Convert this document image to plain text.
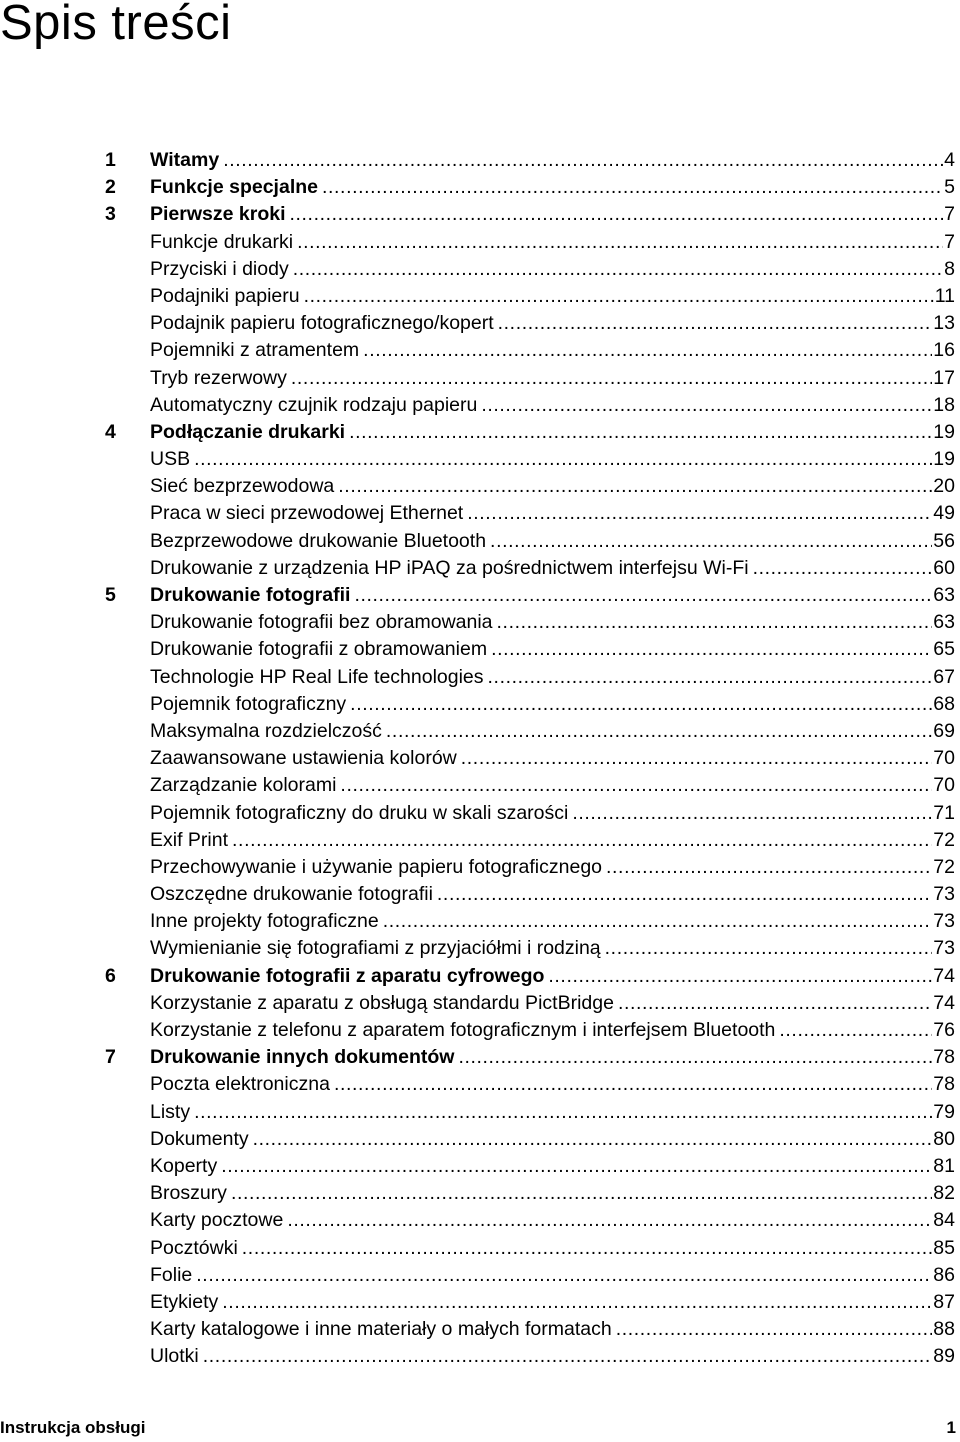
Spis treści
1	Witamy .....	4
2	Funkcje specjalne .....	5
3	Pierwsze kroki .....	7
Funkcje drukarki .....	7
Przyciski i diody .....	8
Podajniki papieru .....	11
Podajnik papieru fotograficznego/kopert .....	13
Pojemniki z atramentem .....	16
Tryb rezerwowy .....	17
Automatyczny czujnik rodzaju papieru .....	18
4	Podłączanie drukarki .....	19
USB .....	19
Sieć bezprzewodowa .....	20
Praca w sieci przewodowej Ethernet .....	49
Bezprzewodowe drukowanie Bluetooth .....	56
Drukowanie z urządzenia HP iPAQ za pośrednictwem interfejsu Wi-Fi .....	60
5	Drukowanie fotografii .....	63
Drukowanie fotografii bez obramowania .....	63
Drukowanie fotografii z obramowaniem .....	65
Technologie HP Real Life technologies .....	67
Pojemnik fotograficzny .....	68
Maksymalna rozdzielczość .....	69
Zaawansowane ustawienia kolorów .....	70
Zarządzanie kolorami .....	70
Pojemnik fotograficzny do druku w skali szarości .....	71
Exif Print .....	72
Przechowywanie i używanie papieru fotograficznego .....	72
Oszczędne drukowanie fotografii .....	73
Inne projekty fotograficzne .....	73
Wymienianie się fotografiami z przyjaciółmi i rodziną .....	73
6	Drukowanie fotografii z aparatu cyfrowego .....	74
Korzystanie z aparatu z obsługą standardu PictBridge .....	74
Korzystanie z telefonu z aparatem fotograficznym i interfejsem Bluetooth .....	76
7	Drukowanie innych dokumentów .....	78
Poczta elektroniczna .....	78
Listy .....	79
Dokumenty .....	80
Koperty .....	81
Broszury .....	82
Karty pocztowe .....	84
Pocztówki .....	85
Folie .....	86
Etykiety .....	87
Karty katalogowe i inne materiały o małych formatach .....	88
Ulotki .....	89
Instrukcja obsługi	1
